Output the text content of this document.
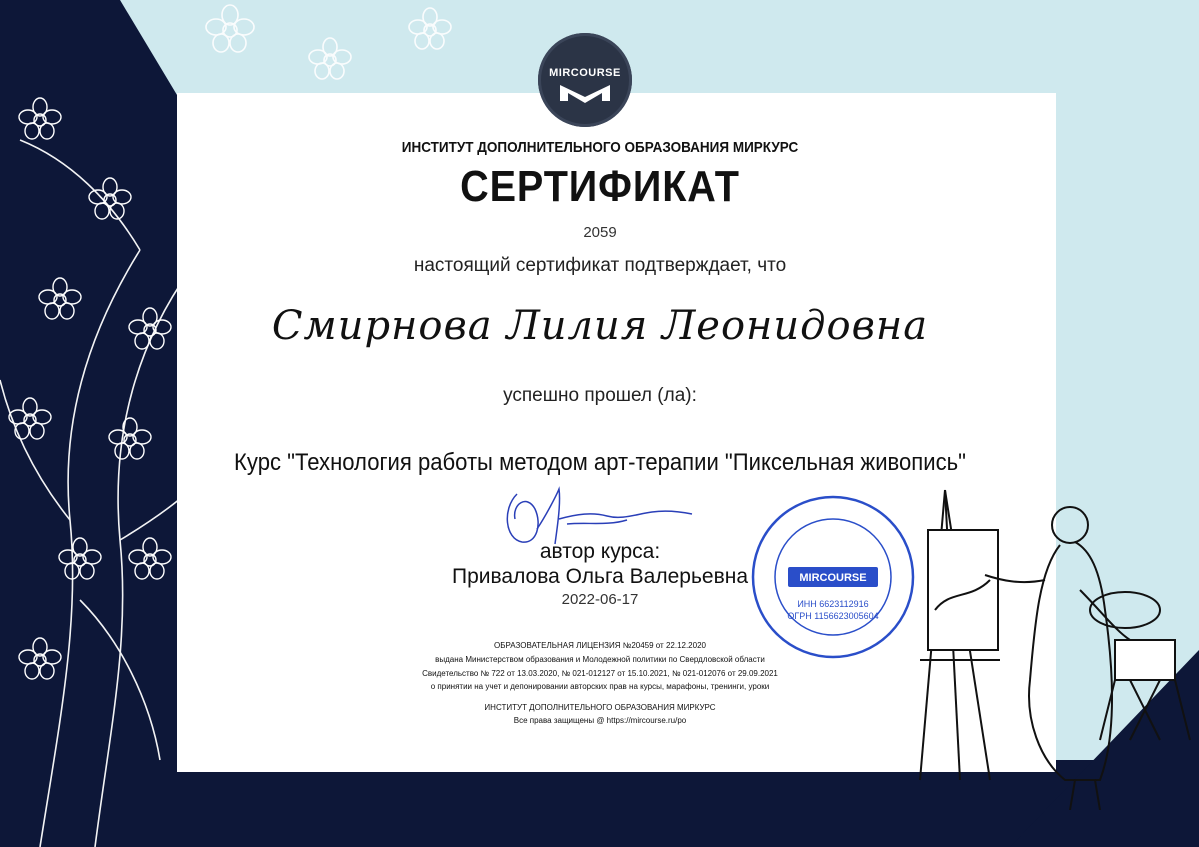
MIRCOURSE
ИНСТИТУТ ДОПОЛНИТЕЛЬНОГО ОБРАЗОВАНИЯ МИРКУРС
СЕРТИФИКАТ
2059
настоящий сертификат подтверждает, что
Смирнова Лилия Леонидовна
успешно прошел (ла):
Курс "Технология работы методом арт-терапии "Пиксельная живопись"
автор курса:
Привалова Ольга Валерьевна
2022-06-17
ОБРАЗОВАТЕЛЬНАЯ ЛИЦЕНЗИЯ №20459 от 22.12.2020
выдана Министерством образования и Молодежной политики по Свердловской области
Свидетельство № 722 от 13.03.2020, № 021-012127 от 15.10.2021, № 021-012076 от 29.09.2021
о принятии на учет и депонировании авторских прав на курсы, марафоны, тренинги, уроки
ИНСТИТУТ ДОПОЛНИТЕЛЬНОГО ОБРАЗОВАНИЯ МИРКУРС
Все права защищены @ https://mircourse.ru/po
MIRCOURSE
ИНН 6623112916
ОГРН 1156623005604
